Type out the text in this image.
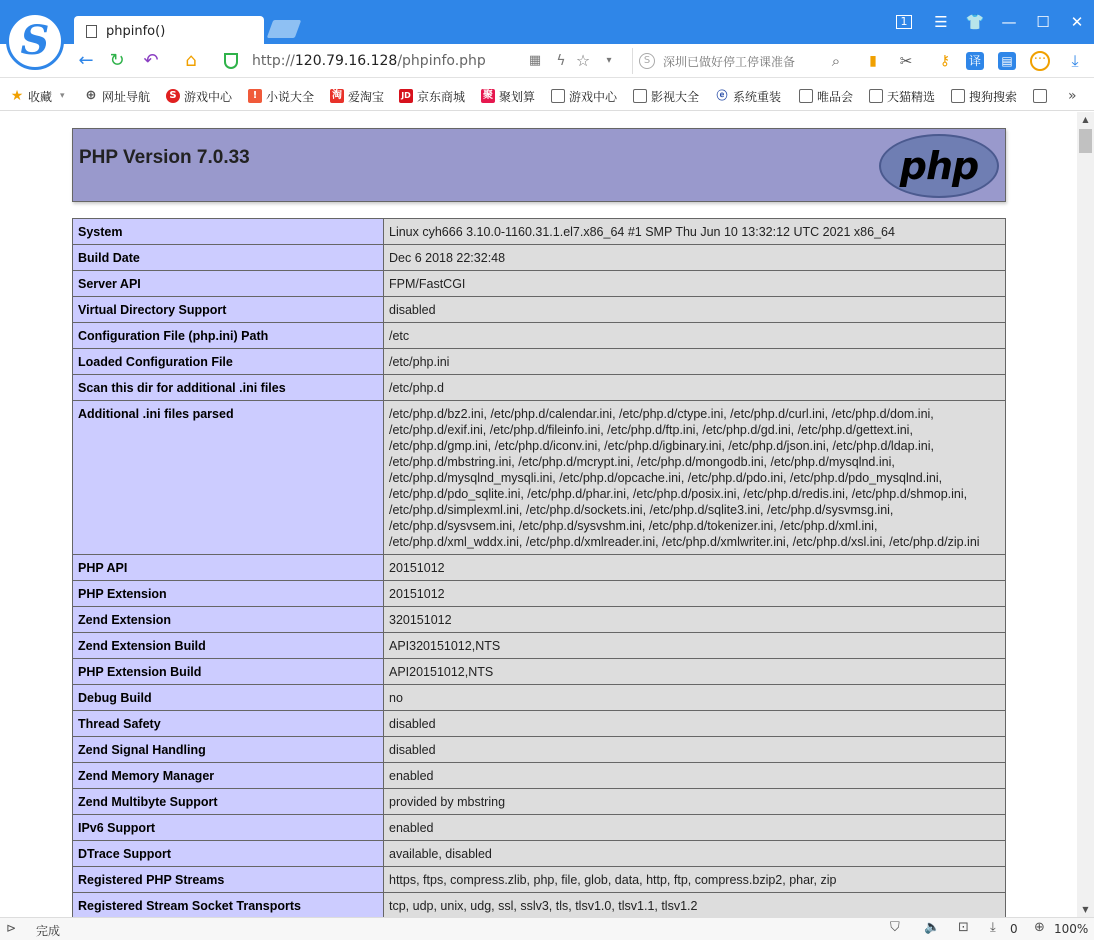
phpinfo()
1	☰ 👕 — ☐	✕
S ← ↻ ↶ ⌂	http:// 120.79.16.128 /phpinfo.php	▦	ϟ ☆	▾	S	深圳已做好停工停课准备	⌕	▮	✂	⚷	译 ▤ ···	⤓
★ 收藏 ▾ ⊕ 网址导航	S 游戏中心	! 小说大全 淘 爱淘宝 JD 京东商城 聚 聚划算	游戏中心	影视大全 ⓔ 系统重装	唯品会	天猫精选	搜狗搜索	»
PHP Version 7.0.33	php
System	Linux cyh666 3.10.0-1160.31.1.el7.x86_64 #1 SMP Thu Jun 10 13:32:12 UTC 2021 x86_64
Build Date	Dec 6 2018 22:32:48
Server API	FPM/FastCGI
Virtual Directory Support	disabled
Configuration File (php.ini) Path	/etc
Loaded Configuration File	/etc/php.ini
Scan this dir for additional .ini files	/etc/php.d
Additional .ini files parsed	/etc/php.d/bz2.ini, /etc/php.d/calendar.ini, /etc/php.d/ctype.ini, /etc/php.d/curl.ini, /etc/php.d/dom.ini, /etc/php.d/exif.ini, /etc/php.d/fileinfo.ini, /etc/php.d/ftp.ini, /etc/php.d/gd.ini, /etc/php.d/gettext.ini, /etc/php.d/gmp.ini, /etc/php.d/iconv.ini, /etc/php.d/igbinary.ini, /etc/php.d/json.ini, /etc/php.d/ldap.ini, /etc/php.d/mbstring.ini, /etc/php.d/mcrypt.ini, /etc/php.d/mongodb.ini, /etc/php.d/mysqlnd.ini, /etc/php.d/mysqlnd_mysqli.ini, /etc/php.d/opcache.ini, /etc/php.d/pdo.ini, /etc/php.d/pdo_mysqlnd.ini, /etc/php.d/pdo_sqlite.ini, /etc/php.d/phar.ini, /etc/php.d/posix.ini, /etc/php.d/redis.ini, /etc/php.d/shmop.ini, /etc/php.d/simplexml.ini, /etc/php.d/sockets.ini, /etc/php.d/sqlite3.ini, /etc/php.d/sysvmsg.ini, /etc/php.d/sysvsem.ini, /etc/php.d/sysvshm.ini, /etc/php.d/tokenizer.ini, /etc/php.d/xml.ini, /etc/php.d/xml_wddx.ini, /etc/php.d/xmlreader.ini, /etc/php.d/xmlwriter.ini, /etc/php.d/xsl.ini, /etc/php.d/zip.ini
PHP API	20151012
PHP Extension	20151012
Zend Extension	320151012
Zend Extension Build	API320151012,NTS
PHP Extension Build	API20151012,NTS
Debug Build	no
Thread Safety	disabled
Zend Signal Handling	disabled
Zend Memory Manager	enabled
Zend Multibyte Support	provided by mbstring
IPv6 Support	enabled
DTrace Support	available, disabled
Registered PHP Streams	https, ftps, compress.zlib, php, file, glob, data, http, ftp, compress.bzip2, phar, zip
Registered Stream Socket Transports	tcp, udp, unix, udg, ssl, sslv3, tls, tlsv1.0, tlsv1.1, tlsv1.2

▲
▼
⊳ 完成	⛉ 🔈 ⊡ ⤓ 0 ⊕ 100%
